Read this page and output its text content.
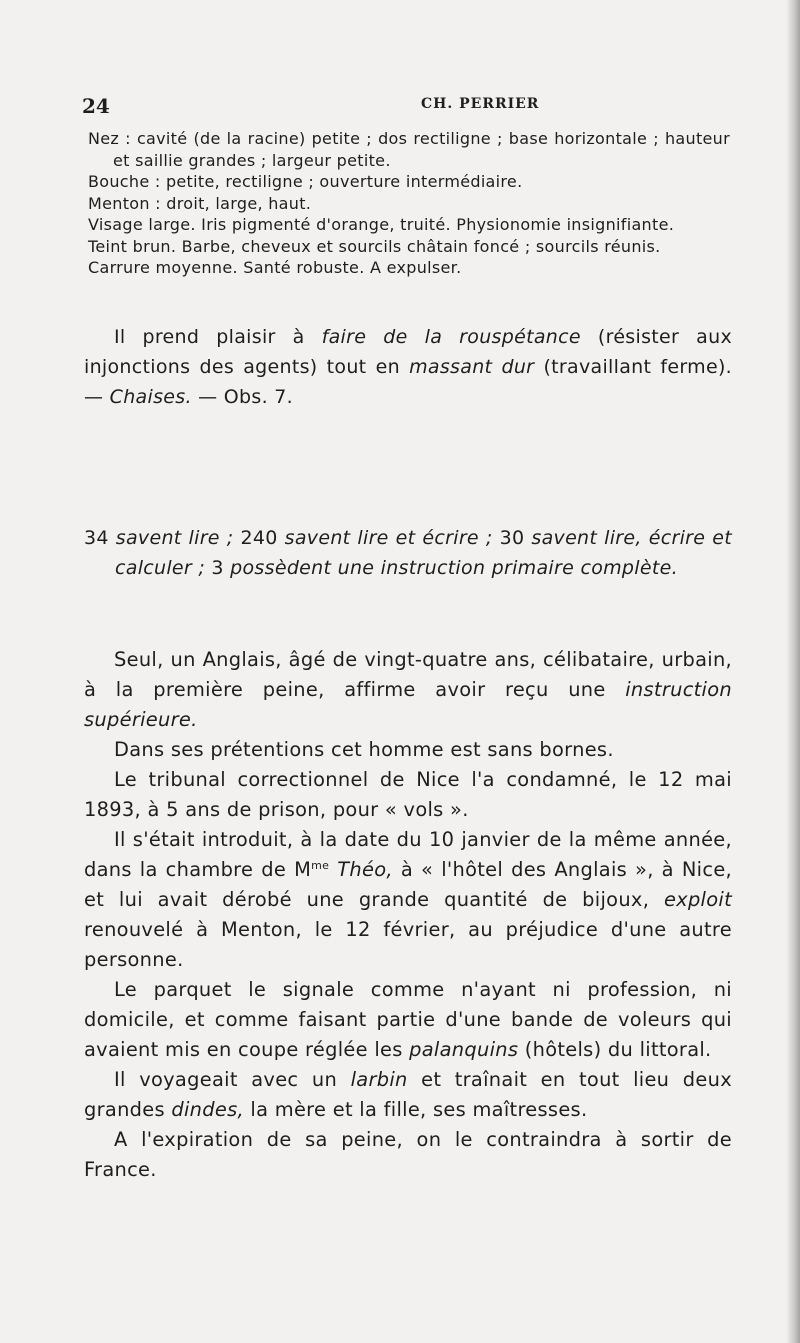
24	CH. PERRIER

Nez : cavité (de la racine) petite ; dos rectiligne ; base horizontale ; hauteur et saillie grandes ; largeur petite.

Bouche : petite, rectiligne ; ouverture intermédiaire.

Menton : droit, large, haut.

Visage large. Iris pigmenté d'orange, truité. Physionomie insignifiante.

Teint brun. Barbe, cheveux et sourcils châtain foncé ; sourcils réunis.

Carrure moyenne. Santé robuste. A expulser.

Il prend plaisir à faire de la rouspétance (résister aux injonctions des agents) tout en massant dur (travaillant ferme). — Chaises. — Obs. 7.

34 savent lire ; 240 savent lire et écrire ; 30 savent lire, écrire et calculer ; 3 possèdent une instruction primaire complète.

Seul, un Anglais, âgé de vingt-quatre ans, célibataire, urbain, à la première peine, affirme avoir reçu une instruction supérieure.

Dans ses prétentions cet homme est sans bornes.

Le tribunal correctionnel de Nice l'a condamné, le 12 mai 1893, à 5 ans de prison, pour « vols ».

Il s'était introduit, à la date du 10 janvier de la même année, dans la chambre de $M^{me}$ Théo, à « l'hôtel des Anglais », à Nice, et lui avait dérobé une grande quantité de bijoux, exploit renouvelé à Menton, le 12 février, au préjudice d'une autre personne.

Le parquet le signale comme n'ayant ni profession, ni domicile, et comme faisant partie d'une bande de voleurs qui avaient mis en coupe réglée les palanquins (hôtels) du littoral.

Il voyageait avec un larbin et traînait en tout lieu deux grandes dindes, la mère et la fille, ses maîtresses.

A l'expiration de sa peine, on le contraindra à sortir de France.
